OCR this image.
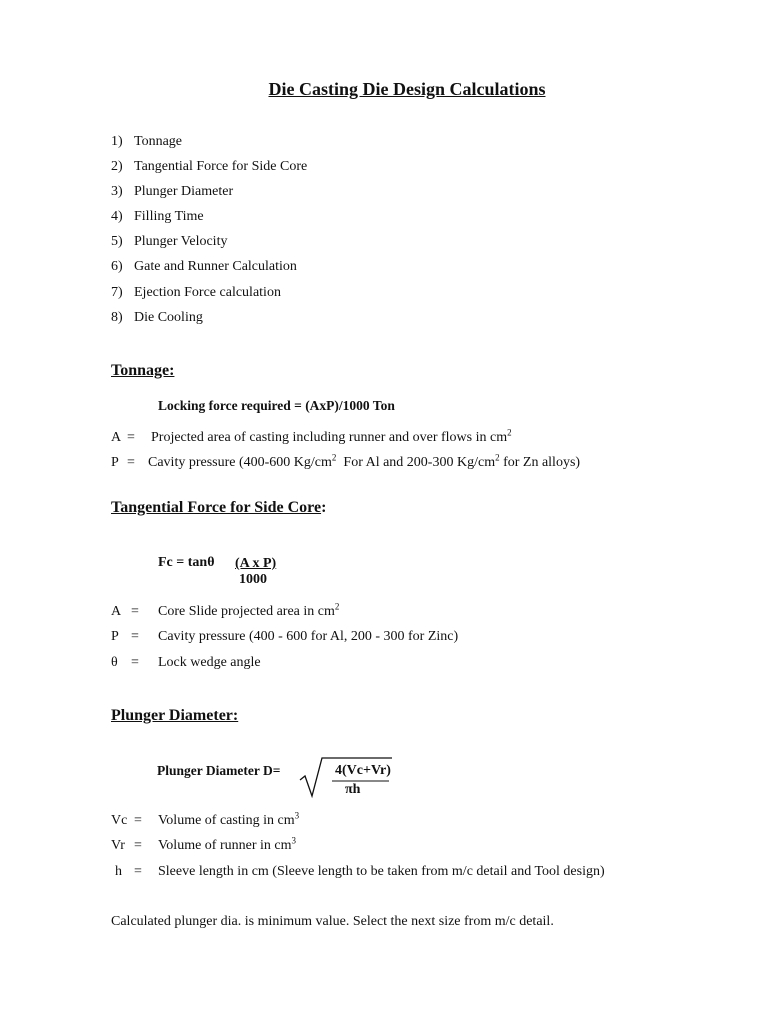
Die Casting Die Design Calculations
1) Tonnage
2) Tangential Force for Side Core
3) Plunger Diameter
4) Filling Time
5) Plunger Velocity
6) Gate and Runner Calculation
7) Ejection Force calculation
8) Die Cooling
Tonnage:
Locking force required = (AxP)/1000 Ton
A = Projected area of casting including runner and over flows in $cm^2$
P = Cavity pressure (400-600 $Kg/cm^2$  For Al and 200-300 $Kg/cm^2$ for Zn alloys)
Tangential Force for Side Core:
Fc = tanθ (A x P)
1000
A = Core Slide projected area in $cm^2$
P = Cavity pressure (400 - 600 for Al, 200 - 300 for Zinc)
θ = Lock wedge angle
Plunger Diameter:
Plunger Diameter D=	4(Vc+Vr)
πh
Vc = Volume of casting in $cm^3$
Vr = Volume of runner in $cm^3$
h = Sleeve length in cm (Sleeve length to be taken from m/c detail and Tool design)
Calculated plunger dia. is minimum value. Select the next size from m/c detail.
